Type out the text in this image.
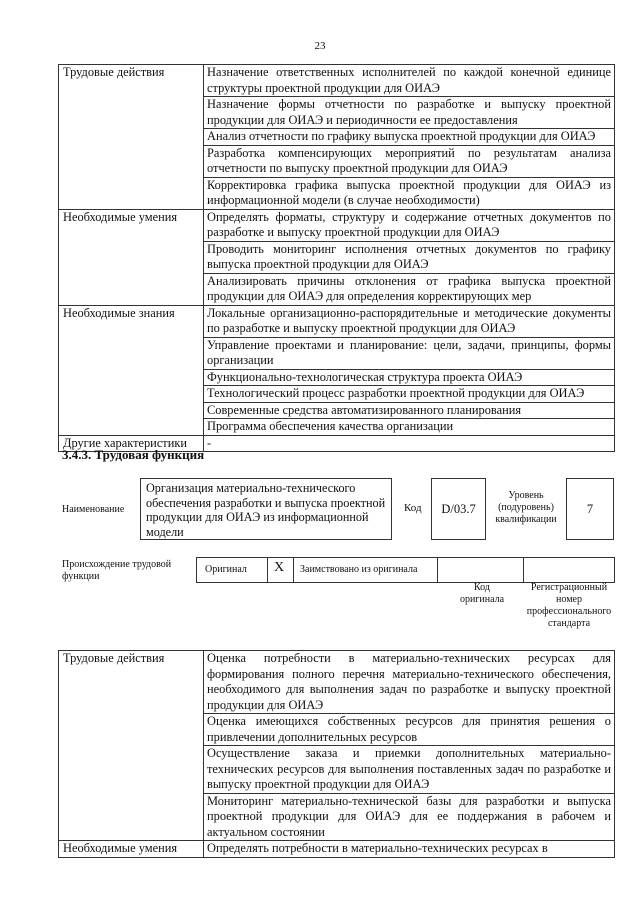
23
Трудовые действия	Назначение ответственных исполнителей по каждой конечной единице структуры проектной продукции для ОИАЭ
	Назначение формы отчетности по разработке и выпуску проектной продукции для ОИАЭ и периодичности ее предоставления
	Анализ отчетности по графику выпуска проектной продукции для ОИАЭ
	Разработка компенсирующих мероприятий по результатам анализа отчетности по выпуску проектной продукции для ОИАЭ
	Корректировка графика выпуска проектной продукции для ОИАЭ из информационной модели (в случае необходимости)
Необходимые умения	Определять форматы, структуру и содержание отчетных документов по разработке и выпуску проектной продукции для ОИАЭ
	Проводить мониторинг исполнения отчетных документов по графику выпуска проектной продукции для ОИАЭ
	Анализировать причины отклонения от графика выпуска проектной продукции для ОИАЭ для определения корректирующих мер
Необходимые знания	Локальные организационно-распорядительные и методические документы по разработке и выпуску проектной продукции для ОИАЭ
	Управление проектами и планирование: цели, задачи, принципы, формы организации
	Функционально-технологическая структура проекта ОИАЭ
	Технологический процесс разработки проектной продукции для ОИАЭ
	Современные средства автоматизированного планирования
	Программа обеспечения качества организации
Другие характеристики	-
3.4.3. Трудовая функция
Наименование
Организация материально-технического обеспечения разработки и выпуска проектной продукции для ОИАЭ из информационной модели
Код	D/03.7
Уровень (подуровень) квалификации
7
Происхождение трудовой функции
Оригинал X Заимствовано из оригинала
Код оригинала
Регистрационный номер профессионального стандарта
Трудовые действия	Оценка потребности в материально-технических ресурсах для формирования полного перечня материально-технического обеспечения, необходимого для выполнения задач по разработке и выпуску проектной продукции для ОИАЭ
	Оценка имеющихся собственных ресурсов для принятия решения о привлечении дополнительных ресурсов
	Осуществление заказа и приемки дополнительных материально-технических ресурсов для выполнения поставленных задач по разработке и выпуску проектной продукции для ОИАЭ
	Мониторинг материально-технической базы для разработки и выпуска проектной продукции для ОИАЭ для ее поддержания в рабочем и актуальном состоянии
Необходимые умения	Определять потребности в материально-технических ресурсах в
